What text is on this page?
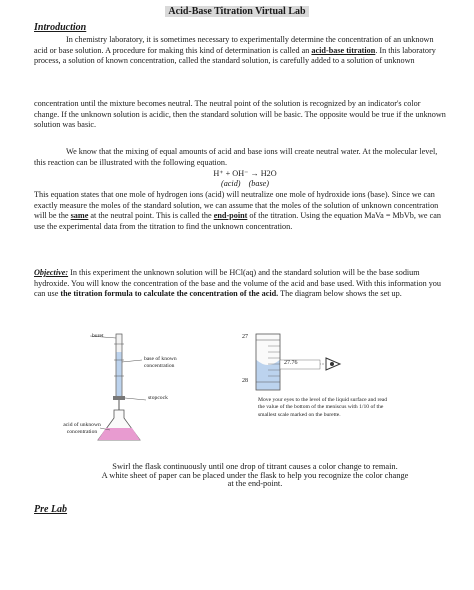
Acid-Base Titration Virtual Lab
Introduction

In chemistry laboratory, it is sometimes necessary to experimentally determine the concentration of an unknown acid or base solution. A procedure for making this kind of determination is called an acid-base titration. In this laboratory process, a solution of known concentration, called the standard solution, is carefully added to a solution of unknown

concentration until the mixture becomes neutral. The neutral point of the solution is recognized by an indicator's color change. If the unknown solution is acidic, then the standard solution will be basic. The opposite would be true if the unknown solution was basic.

We know that the mixing of equal amounts of acid and base ions will create neutral water. At the molecular level, this reaction can be illustrated with the following equation.

H⁺ + OH⁻ → H2O
(acid) (base)

This equation states that one mole of hydrogen ions (acid) will neutralize one mole of hydroxide ions (base). Since we can exactly measure the moles of the standard solution, we can assume that the moles of the solution of unknown concentration will be the same at the neutral point. This is called the end-point of the titration. Using the equation MaVa = MbVb, we can use the experimental data from the titration to find the unknown concentration.

Objective: In this experiment the unknown solution will be HCl(aq) and the standard solution will be the base sodium hydroxide. You will know the concentration of the base and the volume of the acid and base used. With this information you can use the titration formula to calculate the concentration of the acid. The diagram below shows the set up.

buret
base of known concentration
stopcock
acid of unknown concentration
27
28
27.76
Move your eyes to the level of the liquid surface and read the value of the bottom of the meniscus with 1/10 of the smallest scale marked on the burette.
Swirl the flask continuously until one drop of titrant causes a color change to remain.
A white sheet of paper can be placed under the flask to help you recognize the color change at the end-point.
Pre Lab
